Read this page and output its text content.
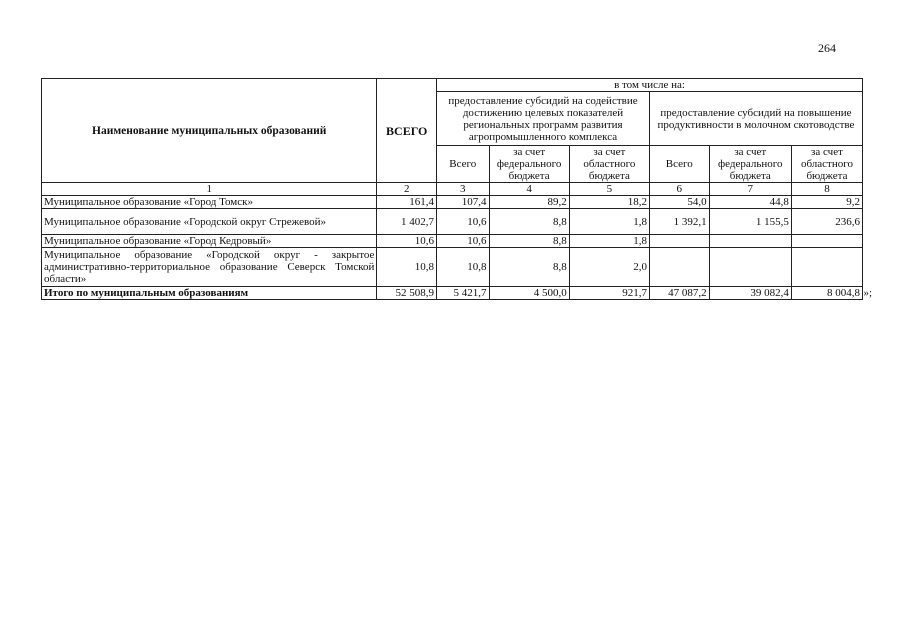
264
Наименование муниципальных образований	ВСЕГО	в том числе на:					
		предоставление субсидий на содействие достижению целевых показателей региональных программ развития агропромышленного комплекса			предоставление субсидий на повышение продуктивности в молочном скотоводстве		
		Всего	за счет федерального бюджета	за счет областного бюджета	Всего	за счет федерального бюджета	за счет областного бюджета
1	2	3	4	5	6	7	8
Муниципальное образование «Город Томск»	161,4	107,4	89,2	18,2	54,0	44,8	9,2
Муниципальное образование «Городской округ Стрежевой»	1 402,7	10,6	8,8	1,8	1 392,1	1 155,5	236,6
Муниципальное образование «Город Кедровый»	10,6	10,6	8,8	1,8			
Муниципальное образование «Городской округ - закрытое административно-территориальное образование Северск Томской области»	10,8	10,8	8,8	2,0			
Итого по муниципальным образованиям	52 508,9	5 421,7	4 500,0	921,7	47 087,2	39 082,4	8 004,8 »;
